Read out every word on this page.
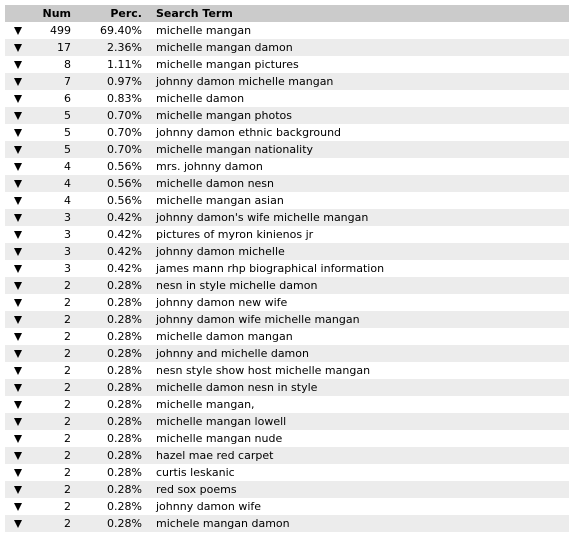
Num	Perc.	Search Term
499	69.40%	michelle mangan
17	2.36%	michelle mangan damon
8	1.11%	michelle mangan pictures
7	0.97%	johnny damon michelle mangan
6	0.83%	michelle damon
5	0.70%	michelle mangan photos
5	0.70%	johnny damon ethnic background
5	0.70%	michelle mangan nationality
4	0.56%	mrs. johnny damon
4	0.56%	michelle damon nesn
4	0.56%	michelle mangan asian
3	0.42%	johnny damon's wife michelle mangan
3	0.42%	pictures of myron kinienos jr
3	0.42%	johnny damon michelle
3	0.42%	james mann rhp biographical information
2	0.28%	nesn in style michelle damon
2	0.28%	johnny damon new wife
2	0.28%	johnny damon wife michelle mangan
2	0.28%	michelle damon mangan
2	0.28%	johnny and michelle damon
2	0.28%	nesn style show host michelle mangan
2	0.28%	michelle damon nesn in style
2	0.28%	michelle mangan,
2	0.28%	michelle mangan lowell
2	0.28%	michelle mangan nude
2	0.28%	hazel mae red carpet
2	0.28%	curtis leskanic
2	0.28%	red sox poems
2	0.28%	johnny damon wife
2	0.28%	michele mangan damon
